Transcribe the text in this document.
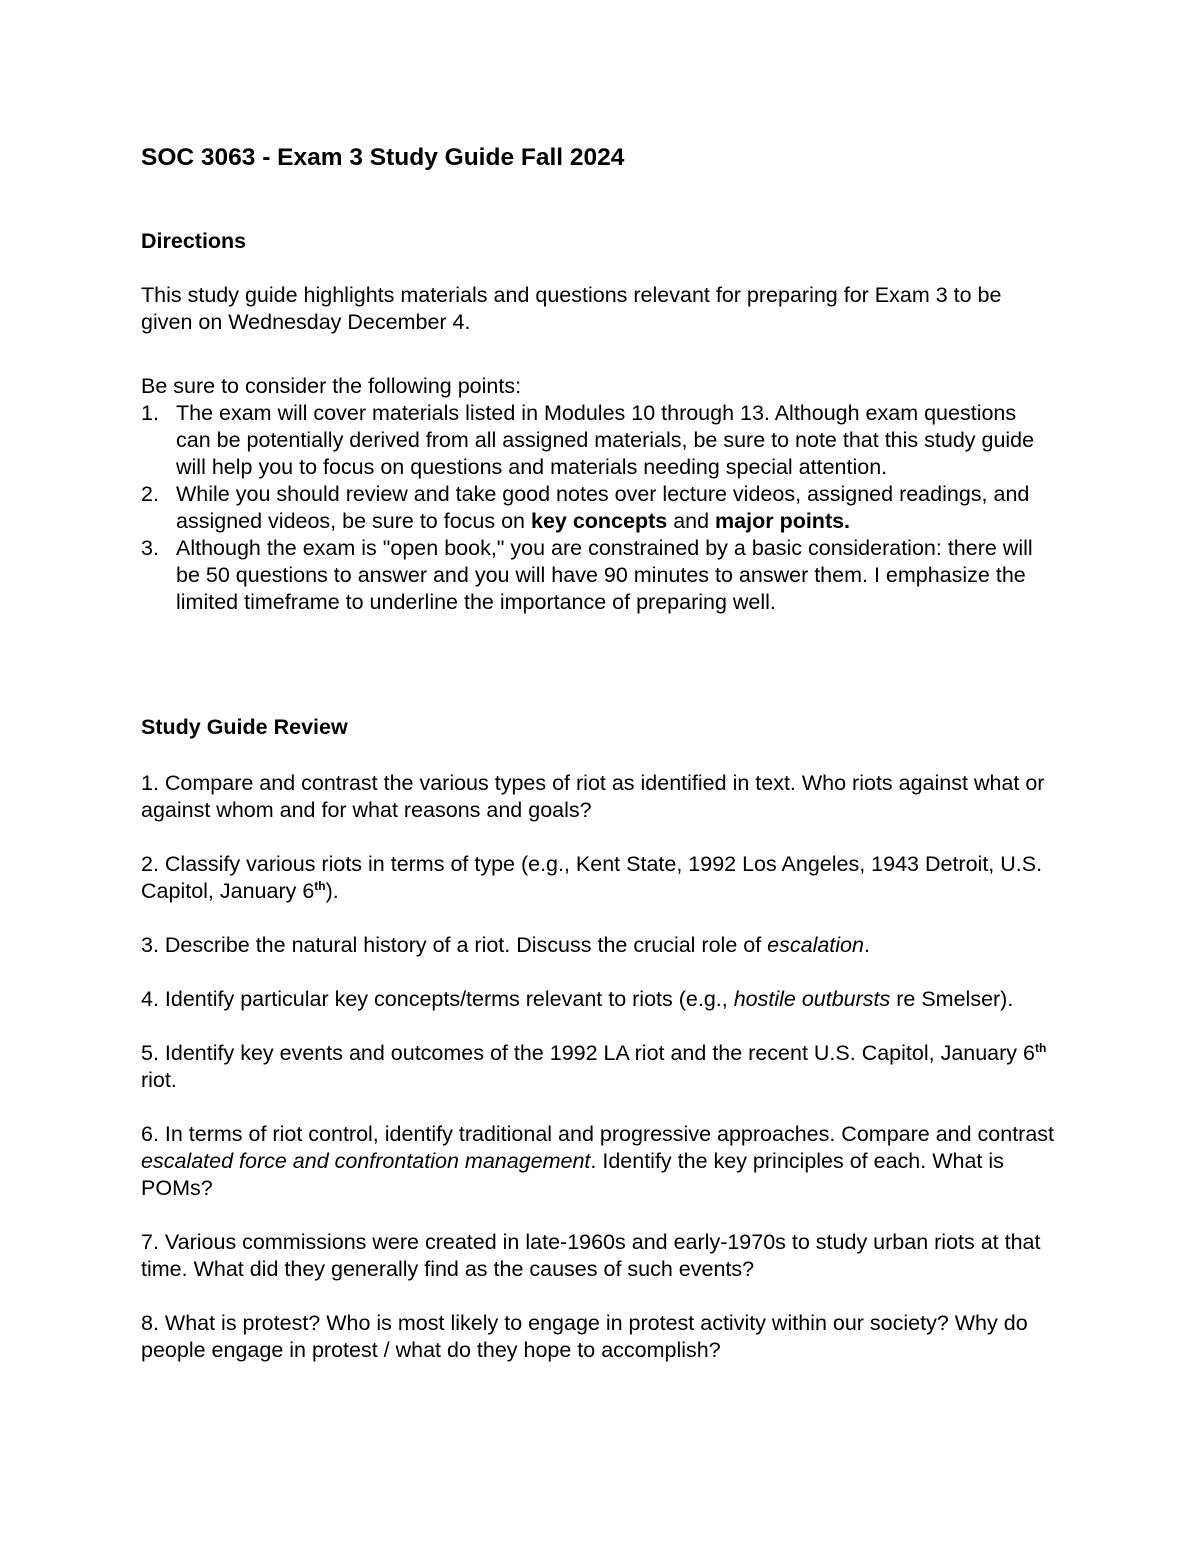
SOC 3063 - Exam 3 Study Guide Fall 2024
Directions

This study guide highlights materials and questions relevant for preparing for Exam 3 to be given on Wednesday December 4.

Be sure to consider the following points:

1. The exam will cover materials listed in Modules 10 through 13. Although exam questions can be potentially derived from all assigned materials, be sure to note that this study guide will help you to focus on questions and materials needing special attention.
2. While you should review and take good notes over lecture videos, assigned readings, and assigned videos, be sure to focus on key concepts and major points.
3. Although the exam is "open book," you are constrained by a basic consideration: there will be 50 questions to answer and you will have 90 minutes to answer them. I emphasize the limited timeframe to underline the importance of preparing well.
Study Guide Review

1. Compare and contrast the various types of riot as identified in text. Who riots against what or against whom and for what reasons and goals?

2. Classify various riots in terms of type (e.g., Kent State, 1992 Los Angeles, 1943 Detroit, U.S. Capitol, January 6th).

3. Describe the natural history of a riot. Discuss the crucial role of escalation.

4. Identify particular key concepts/terms relevant to riots (e.g., hostile outbursts re Smelser).

5. Identify key events and outcomes of the 1992 LA riot and the recent U.S. Capitol, January 6th riot.

6. In terms of riot control, identify traditional and progressive approaches. Compare and contrast escalated force and confrontation management. Identify the key principles of each. What is POMs?

7. Various commissions were created in late-1960s and early-1970s to study urban riots at that time. What did they generally find as the causes of such events?

8. What is protest? Who is most likely to engage in protest activity within our society? Why do people engage in protest / what do they hope to accomplish?
